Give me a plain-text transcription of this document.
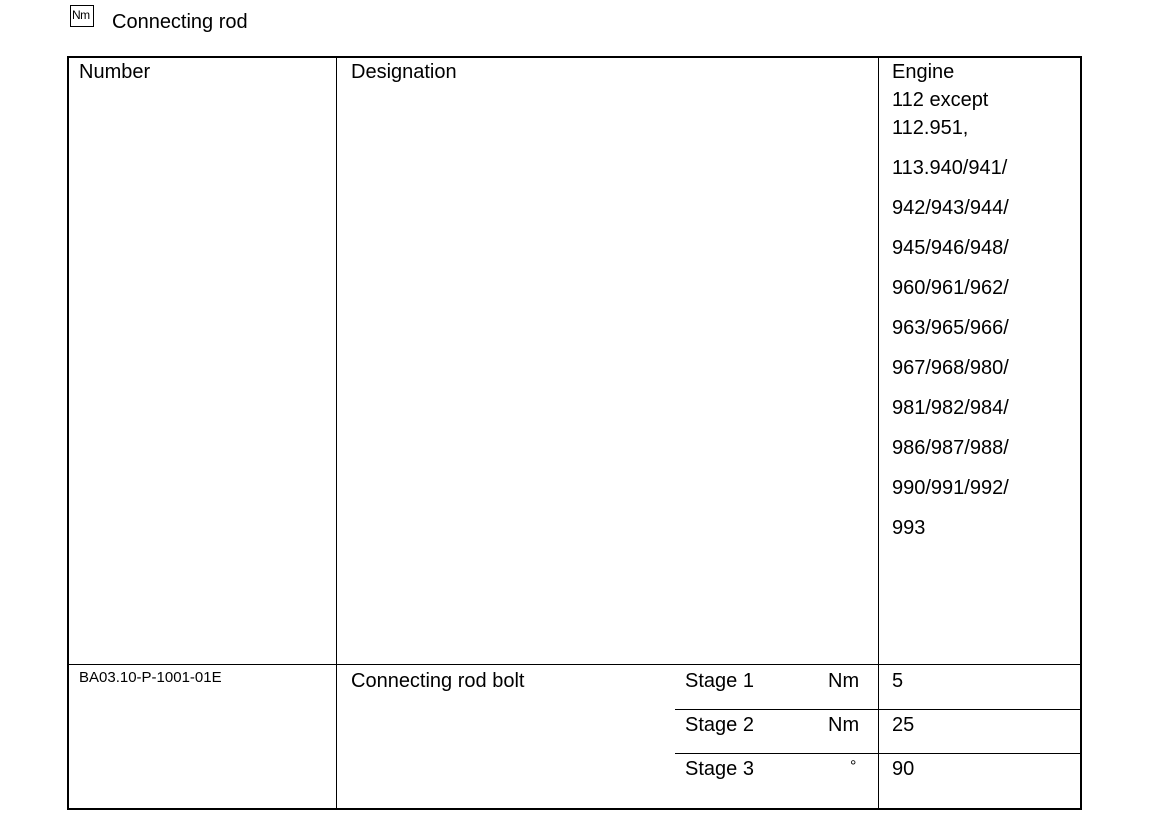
Nm Connecting rod
Number	Designation	Engine
112 except
112.951,
113.940/941/
942/943/944/
945/946/948/
960/961/962/
963/965/966/
967/968/980/
981/982/984/
986/987/988/
990/991/992/
993
BA03.10-P-1001-01E	Connecting rod bolt	Stage 1	Nm 5
Stage 2	Nm 25
Stage 3	° 90
